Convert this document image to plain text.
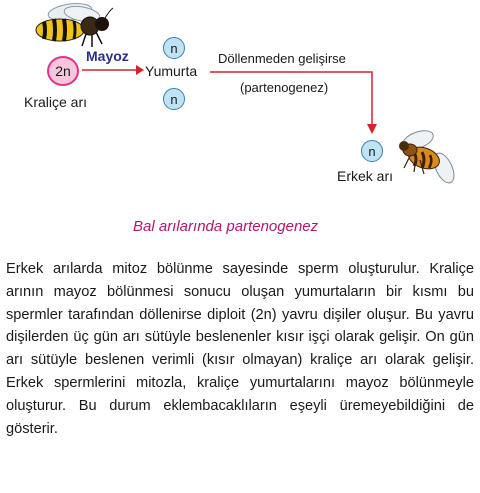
2n
Kraliçe arı
Mayoz	n
Yumurta
n
Döllenmeden gelişirse
(partenogenez)
n
Erkek arı
Bal arılarında partenogenez
Erkek arılarda mitoz bölünme sayesinde sperm oluşturulur. Kraliçe arının mayoz bölünmesi sonucu oluşan yumurtaların bir kısmı bu spermler tarafından döllenirse diploit (2n) yavru dişiler oluşur. Bu yavru dişilerden üç gün arı sütüyle beslenenler kısır işçi olarak gelişir. On gün arı sütüyle beslenen verimli (kısır olmayan) kraliçe arı olarak gelişir. Erkek spermlerini mitozla, kraliçe yumurtalarını mayoz bölünmeyle oluşturur. Bu durum eklembacaklıların eşeyli üremeyebildiğini de gösterir.
